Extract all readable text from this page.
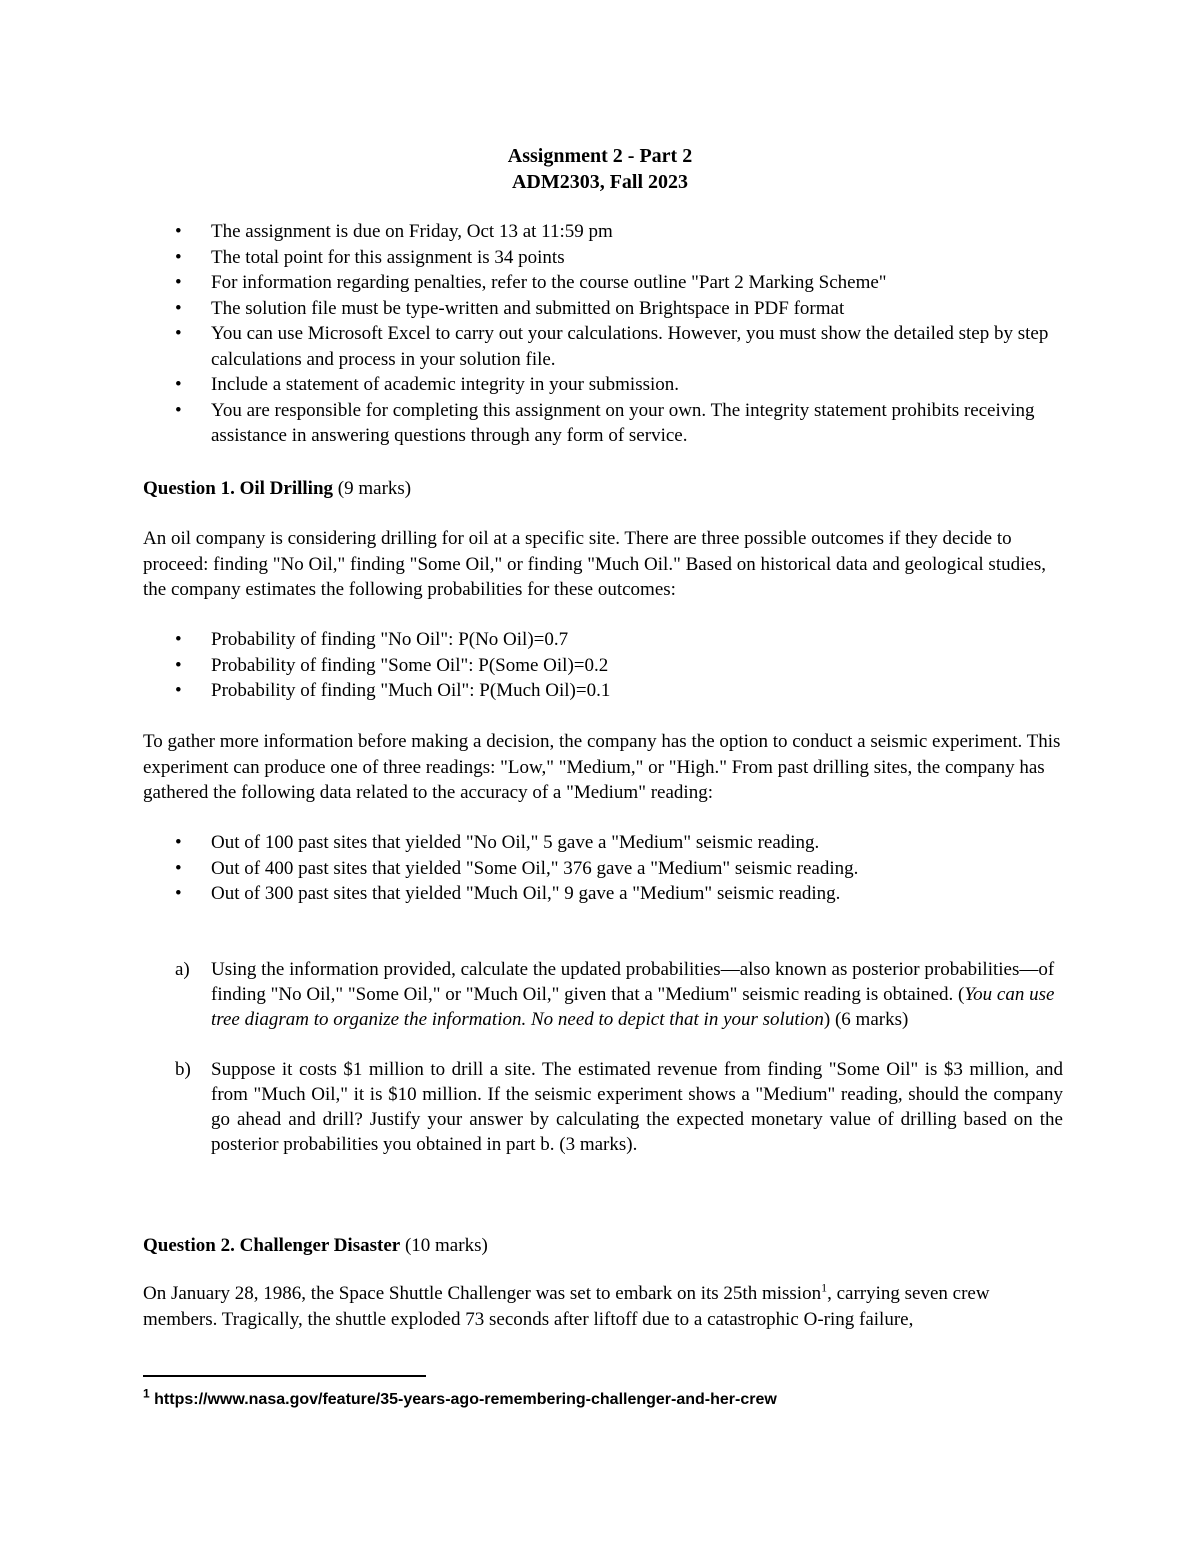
Assignment 2 - Part 2
ADM2303, Fall 2023
• The assignment is due on Friday, Oct 13 at 11:59 pm
• The total point for this assignment is 34 points
• For information regarding penalties, refer to the course outline "Part 2 Marking Scheme"
• The solution file must be type-written and submitted on Brightspace in PDF format
• You can use Microsoft Excel to carry out your calculations. However, you must show the detailed step by step calculations and process in your solution file.
• Include a statement of academic integrity in your submission.
• You are responsible for completing this assignment on your own. The integrity statement prohibits receiving assistance in answering questions through any form of service.
Question 1. Oil Drilling (9 marks)
An oil company is considering drilling for oil at a specific site. There are three possible outcomes if they decide to proceed: finding "No Oil," finding "Some Oil," or finding "Much Oil." Based on historical data and geological studies, the company estimates the following probabilities for these outcomes:
• Probability of finding "No Oil": P(No Oil)=0.7
• Probability of finding "Some Oil": P(Some Oil)=0.2
• Probability of finding "Much Oil": P(Much Oil)=0.1
To gather more information before making a decision, the company has the option to conduct a seismic experiment. This experiment can produce one of three readings: "Low," "Medium," or "High." From past drilling sites, the company has gathered the following data related to the accuracy of a "Medium" reading:
• Out of 100 past sites that yielded "No Oil," 5 gave a "Medium" seismic reading.
• Out of 400 past sites that yielded "Some Oil," 376 gave a "Medium" seismic reading.
• Out of 300 past sites that yielded "Much Oil," 9 gave a "Medium" seismic reading.
a) Using the information provided, calculate the updated probabilities—also known as posterior probabilities—of finding "No Oil," "Some Oil," or "Much Oil," given that a "Medium" seismic reading is obtained. (You can use tree diagram to organize the information. No need to depict that in your solution) (6 marks)
b) Suppose it costs $1 million to drill a site. The estimated revenue from finding "Some Oil" is $3 million, and from "Much Oil," it is $10 million. If the seismic experiment shows a "Medium" reading, should the company go ahead and drill? Justify your answer by calculating the expected monetary value of drilling based on the posterior probabilities you obtained in part b. (3 marks).
Question 2. Challenger Disaster (10 marks)
On January 28, 1986, the Space Shuttle Challenger was set to embark on its 25th mission$^1$, carrying seven crew members. Tragically, the shuttle exploded 73 seconds after liftoff due to a catastrophic O-ring failure,
$^1$ https://www.nasa.gov/feature/35-years-ago-remembering-challenger-and-her-crew
